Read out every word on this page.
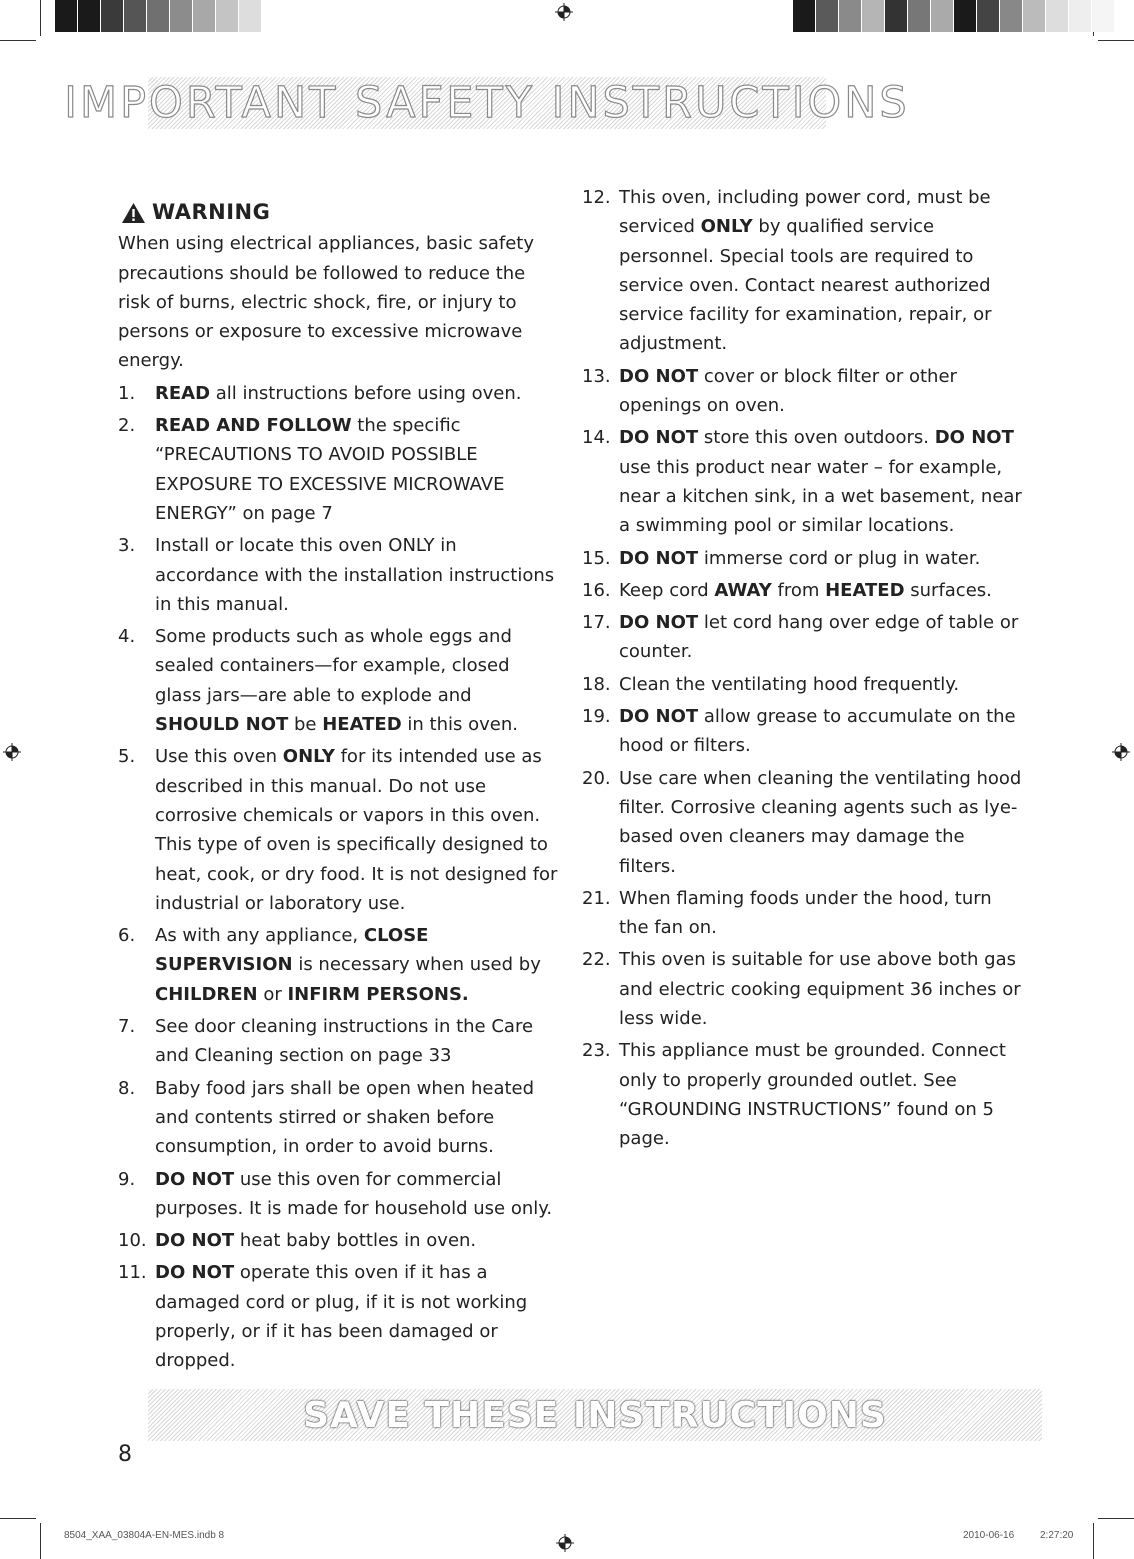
IMPORTANT SAFETY INSTRUCTIONS
WARNING

When using electrical appliances, basic safety precautions should be followed to reduce the risk of burns, electric shock, fire, or injury to persons or exposure to excessive microwave energy.

1. READ all instructions before using oven.
2. READ AND FOLLOW the specific “PRECAUTIONS TO AVOID POSSIBLE EXPOSURE TO EXCESSIVE MICROWAVE ENERGY” on page 7
3. Install or locate this oven ONLY in accordance with the installation instructions in this manual.
4. Some products such as whole eggs and sealed containers—for example, closed glass jars—are able to explode and SHOULD NOT be HEATED in this oven.
5. Use this oven ONLY for its intended use as described in this manual. Do not use corrosive chemicals or vapors in this oven. This type of oven is specifically designed to heat, cook, or dry food. It is not designed for industrial or laboratory use.
6. As with any appliance, CLOSE SUPERVISION is necessary when used by CHILDREN or INFIRM PERSONS.
7. See door cleaning instructions in the Care and Cleaning section on page 33
8. Baby food jars shall be open when heated and contents stirred or shaken before consumption, in order to avoid burns.
9. DO NOT use this oven for commercial purposes. It is made for household use only.
10. DO NOT heat baby bottles in oven.
11. DO NOT operate this oven if it has a damaged cord or plug, if it is not working properly, or if it has been damaged or dropped.
12. This oven, including power cord, must be serviced ONLY by qualified service personnel. Special tools are required to service oven. Contact nearest authorized service facility for examination, repair, or adjustment.
13. DO NOT cover or block filter or other openings on oven.
14. DO NOT store this oven outdoors. DO NOT use this product near water – for example, near a kitchen sink, in a wet basement, near a swimming pool or similar locations.
15. DO NOT immerse cord or plug in water.
16. Keep cord AWAY from HEATED surfaces.
17. DO NOT let cord hang over edge of table or counter.
18. Clean the ventilating hood frequently.
19. DO NOT allow grease to accumulate on the hood or filters.
20. Use care when cleaning the ventilating hood filter. Corrosive cleaning agents such as lye-based oven cleaners may damage the filters.
21. When flaming foods under the hood, turn the fan on.
22. This oven is suitable for use above both gas and electric cooking equipment 36 inches or less wide.
23. This appliance must be grounded. Connect only to properly grounded outlet. See “GROUNDING INSTRUCTIONS” found on 5 page.
SAVE THESE INSTRUCTIONS
8
8504_XAA_03804A-EN-MES.indb 8	2010-06-16	2:27:20
